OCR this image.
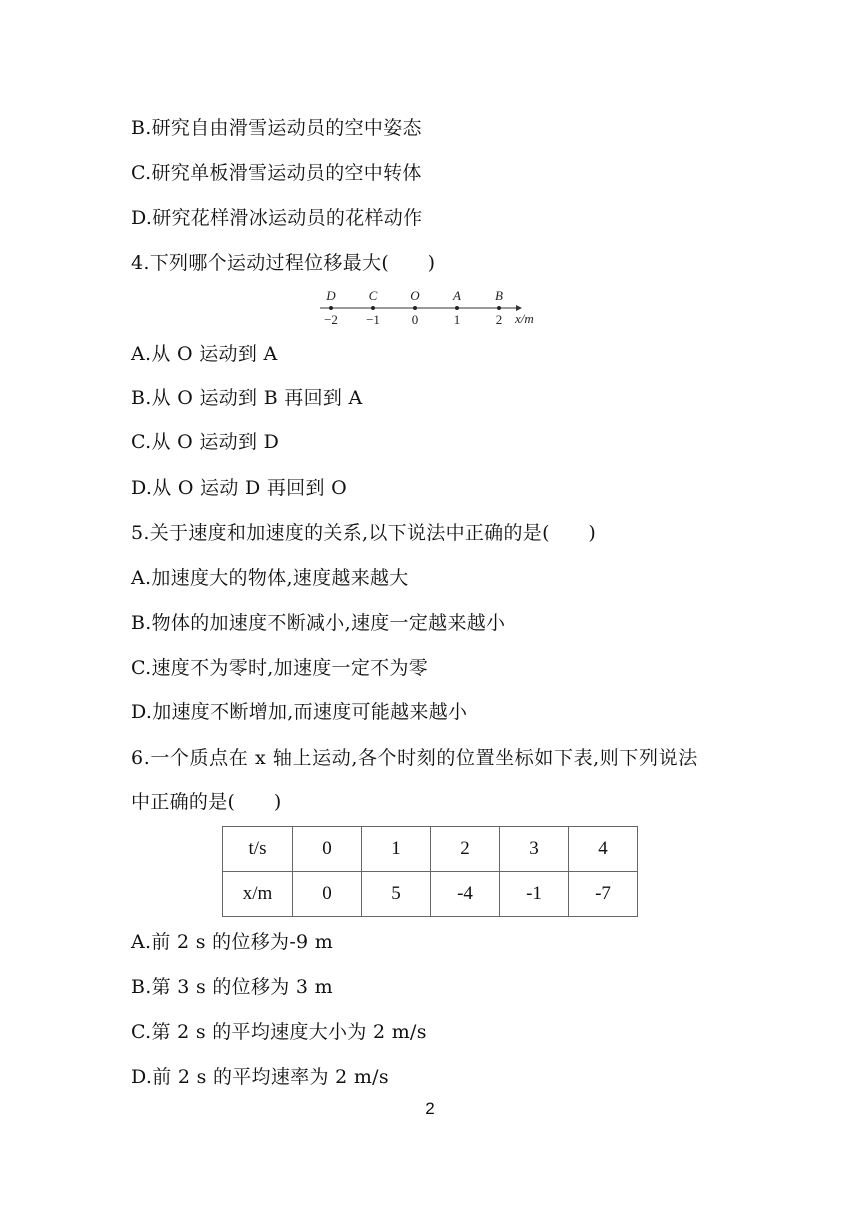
B.研究自由滑雪运动员的空中姿态
C.研究单板滑雪运动员的空中转体
D.研究花样滑冰运动员的花样动作
4.下列哪个运动过程位移最大(　　)
D
−2
C
−1
O
0
A
1
B
2 x/m
A.从 O 运动到 A
B.从 O 运动到 B 再回到 A
C.从 O 运动到 D
D.从 O 运动 D 再回到 O
5.关于速度和加速度的关系,以下说法中正确的是(　　)
A.加速度大的物体,速度越来越大
B.物体的加速度不断减小,速度一定越来越小
C.速度不为零时,加速度一定不为零
D.加速度不断增加,而速度可能越来越小
6.一个质点在 x 轴上运动,各个时刻的位置坐标如下表,则下列说法
中正确的是(　　)
t/s	0	1	2	3	4
x/m	0	5	-4	-1	-7
A.前 2 s 的位移为-9 m
B.第 3 s 的位移为 3 m
C.第 2 s 的平均速度大小为 2 m/s
D.前 2 s 的平均速率为 2 m/s
2
